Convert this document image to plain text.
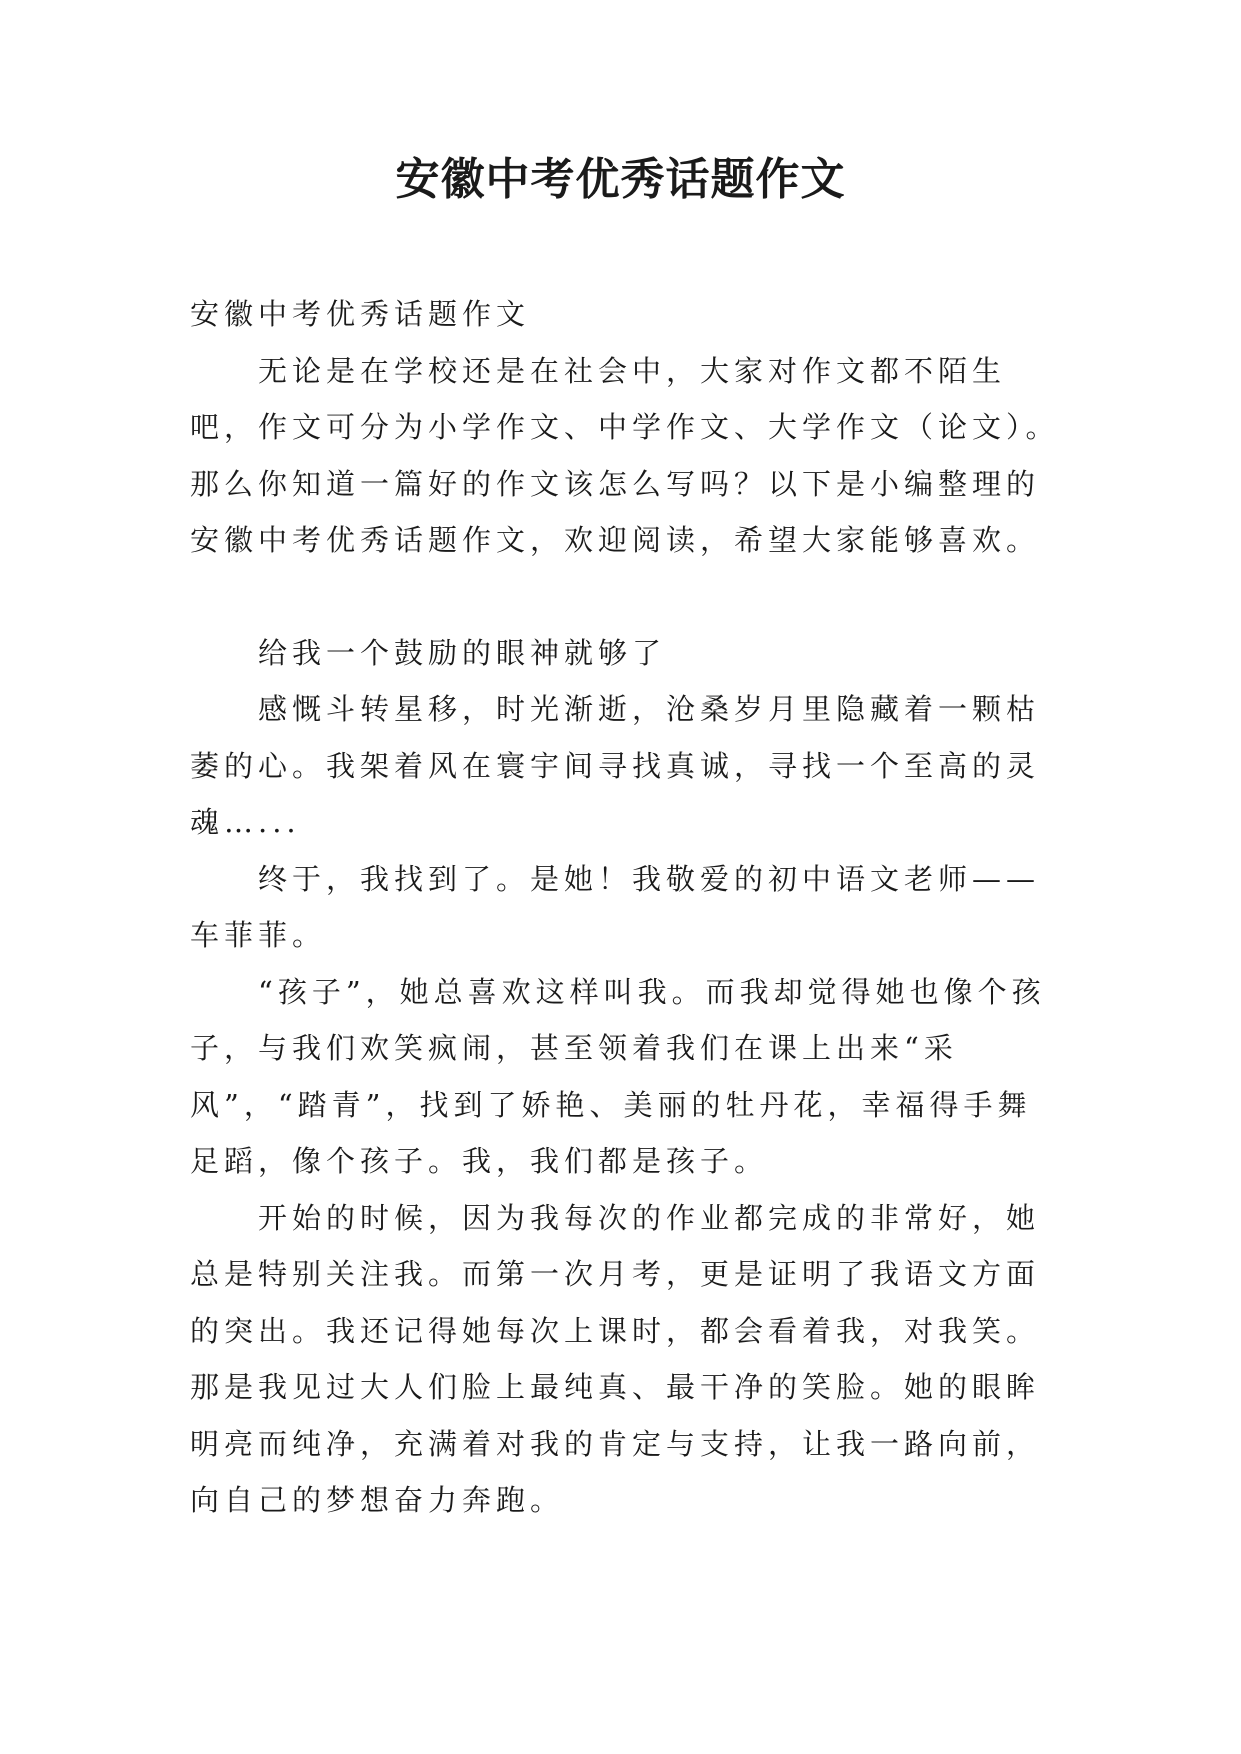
安徽中考优秀话题作文

安徽中考优秀话题作文

无论是在学校还是在社会中，大家对作文都不陌生吧，作文可分为小学作文、中学作文、大学作文（论文）。那么你知道一篇好的作文该怎么写吗？以下是小编整理的安徽中考优秀话题作文，欢迎阅读，希望大家能够喜欢。

给我一个鼓励的眼神就够了

感慨斗转星移，时光渐逝，沧桑岁月里隐藏着一颗枯萎的心。我架着风在寰宇间寻找真诚，寻找一个至高的灵魂…...

终于，我找到了。是她！我敬爱的初中语文老师——车菲菲。

“孩子”，她总喜欢这样叫我。而我却觉得她也像个孩子，与我们欢笑疯闹，甚至领着我们在课上出来“采风”，“踏青”，找到了娇艳、美丽的牡丹花，幸福得手舞足蹈，像个孩子。我，我们都是孩子。

开始的时候，因为我每次的作业都完成的非常好，她总是特别关注我。而第一次月考，更是证明了我语文方面的突出。我还记得她每次上课时，都会看着我，对我笑。那是我见过大人们脸上最纯真、最干净的笑脸。她的眼眸明亮而纯净，充满着对我的肯定与支持，让我一路向前，向自己的梦想奋力奔跑。
